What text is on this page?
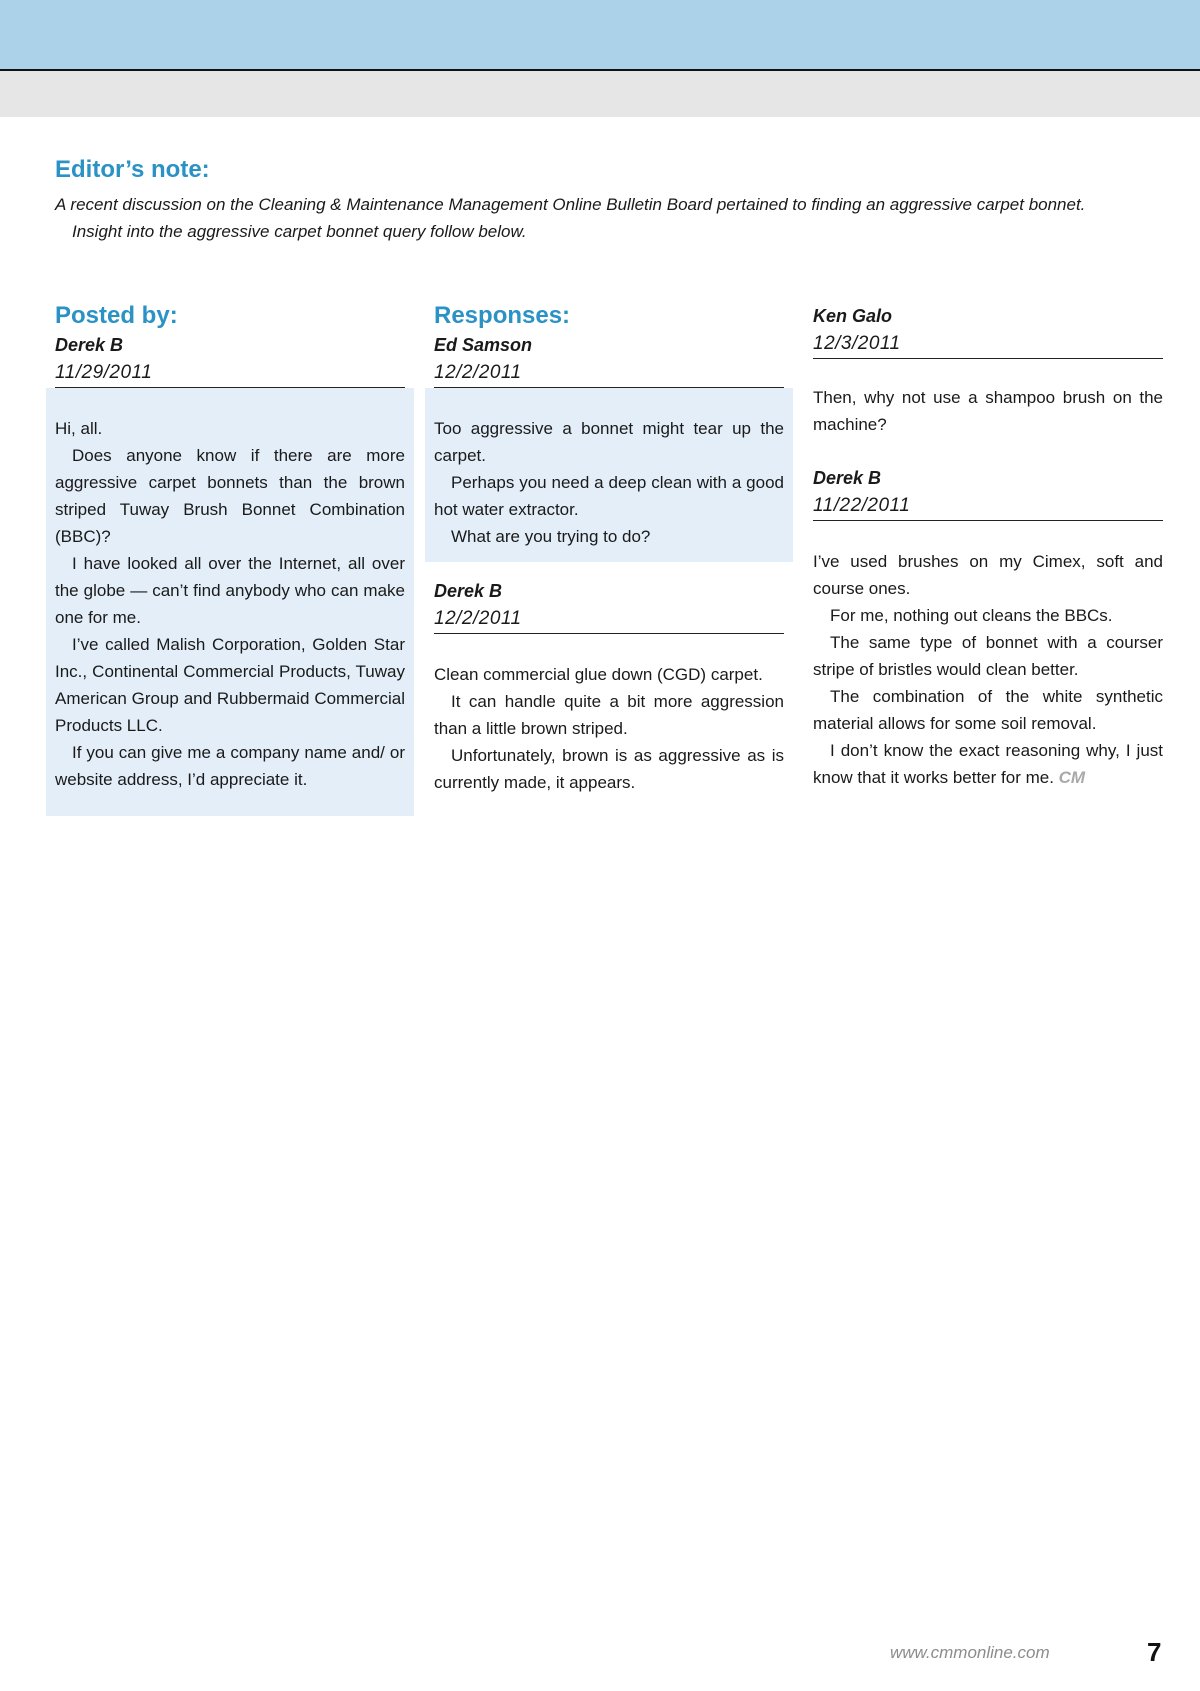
Editor’s note:

A recent discussion on the Cleaning & Maintenance Management Online Bulletin Board pertained to finding an aggressive carpet bonnet.
Insight into the aggressive carpet bonnet query follow below.

Posted by:

Derek B

11/29/2011

Hi, all.

Does anyone know if there are more aggressive carpet bonnets than the brown striped Tuway Brush Bonnet Combination (BBC)?

I have looked all over the Internet, all over the globe — can’t find anybody who can make one for me.

I’ve called Malish Corporation, Golden Star Inc., Continental Commercial Products, Tuway American Group and Rubbermaid Commercial Products LLC.

If you can give me a company name and/ or website address, I’d appreciate it.

Responses:

Ed Samson

12/2/2011

Too aggressive a bonnet might tear up the carpet.

Perhaps you need a deep clean with a good hot water extractor.

What are you trying to do?

Derek B

12/2/2011

Clean commercial glue down (CGD) carpet.

It can handle quite a bit more aggression than a little brown striped.

Unfortunately, brown is as aggressive as is currently made, it appears.

Ken Galo

12/3/2011

Then, why not use a shampoo brush on the machine?

Derek B

11/22/2011

I’ve used brushes on my Cimex, soft and course ones.

For me, nothing out cleans the BBCs.

The same type of bonnet with a courser stripe of bristles would clean better.

The combination of the white synthetic material allows for some soil removal.

I don’t know the exact reasoning why, I just know that it works better for me. CM

www.cmmonline.com	7
